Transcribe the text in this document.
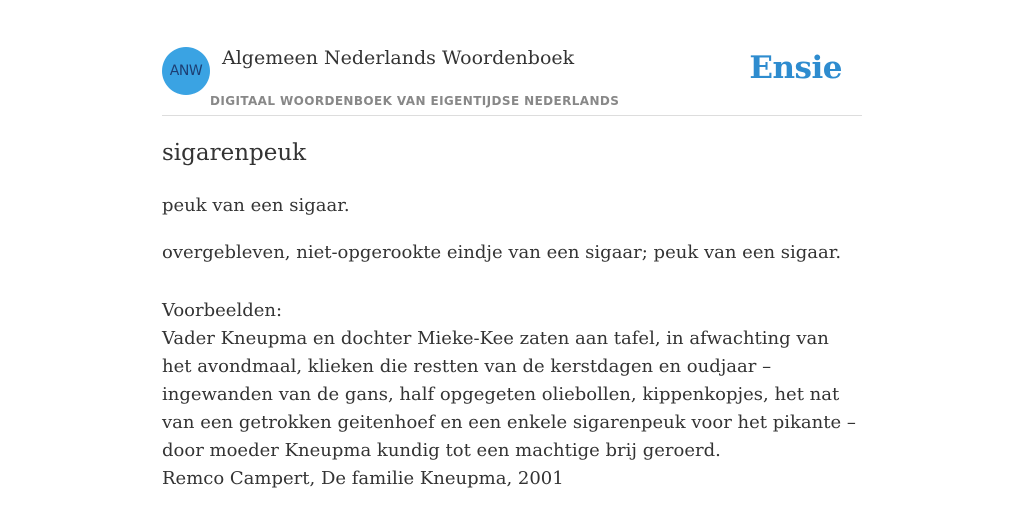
ANW
Algemeen Nederlands Woordenboek
DIGITAAL WOORDENBOEK VAN EIGENTIJDSE NEDERLANDS
Ensie
sigarenpeuk

peuk van een sigaar.

overgebleven, niet-opgerookte eindje van een sigaar; peuk van een sigaar.

Voorbeelden:
Vader Kneupma en dochter Mieke-Kee zaten aan tafel, in afwachting van het avondmaal, klieken die restten van de kerstdagen en oudjaar – ingewanden van de gans, half opgegeten oliebollen, kippenkopjes, het nat van een getrokken geitenhoef en een enkele sigarenpeuk voor het pikante – door moeder Kneupma kundig tot een machtige brij geroerd.
Remco Campert, De familie Kneupma, 2001
